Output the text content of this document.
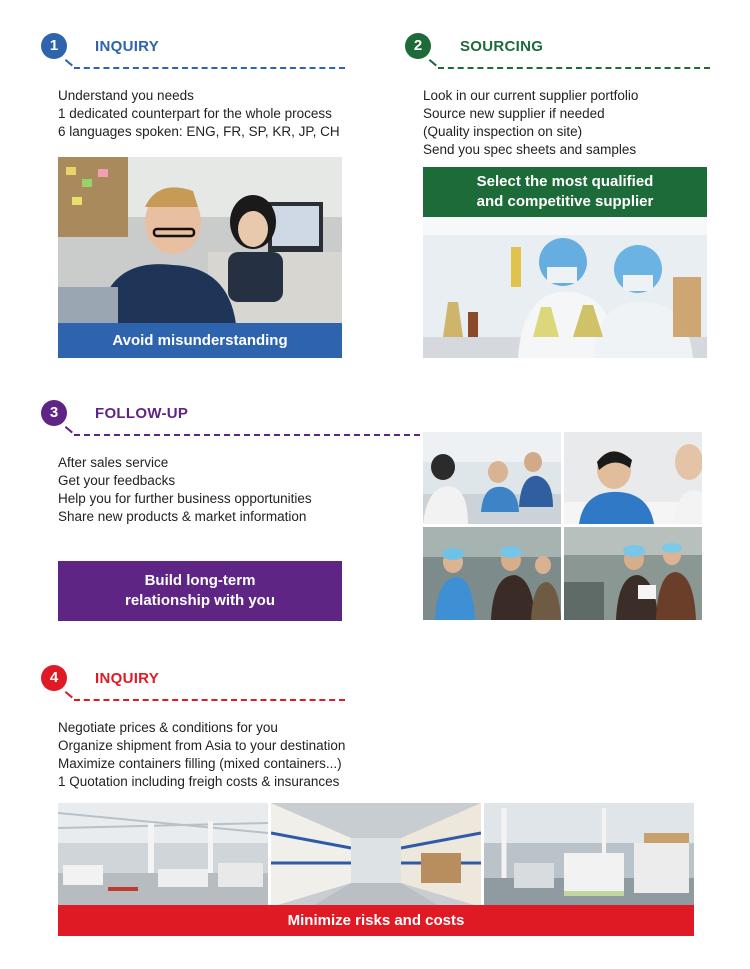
1	INQUIRY
Understand you needs
1 dedicated counterpart for the whole process
6 languages spoken: ENG, FR, SP, KR, JP, CH
Avoid misunderstanding
2	SOURCING
Look in our current supplier portfolio
Source new supplier if needed
(Quality inspection on site)
Send you spec sheets and samples
Select the most qualified
and competitive supplier
3	FOLLOW-UP
After sales service
Get your feedbacks
Help you for further business opportunities
Share new products & market information
Build long-term
relationship with you
4	INQUIRY
Negotiate prices & conditions for you
Organize shipment from Asia to your destination
Maximize containers filling (mixed containers...)
1 Quotation including freigh costs & insurances
Minimize risks and costs
